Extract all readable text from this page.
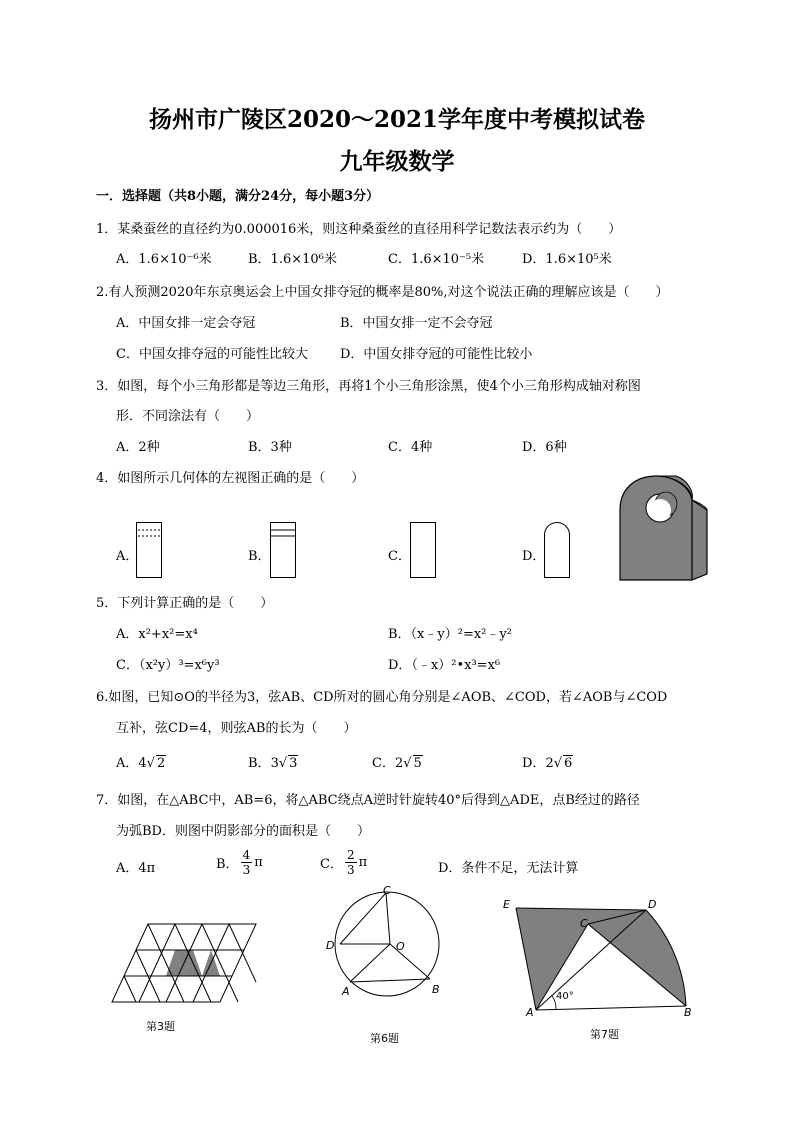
扬州市广陵区2020～2021学年度中考模拟试卷
九年级数学
一．选择题（共8小题，满分24分，每小题3分）
1．某桑蚕丝的直径约为0.000016米，则这种桑蚕丝的直径用科学记数法表示约为（　　）
A．1.6×10⁻⁶米	B．1.6×10⁶米	C．1.6×10⁻⁵米	D．1.6×10⁵米
2.有人预测2020年东京奥运会上中国女排夺冠的概率是80%,对这个说法正确的理解应该是（　　）
A．中国女排一定会夺冠	B．中国女排一定不会夺冠
C．中国女排夺冠的可能性比较大 D．中国女排夺冠的可能性比较小
3．如图，每个小三角形都是等边三角形，再将1个小三角形涂黑，使4个小三角形构成轴对称图
形．不同涂法有（　　）
A．2种	B．3种	C．4种	D．6种
4．如图所示几何体的左视图正确的是（　　）
A．	B．	C．	D．
5．下列计算正确的是（　　）
A．x²+x²=x⁴	B．（x﹣y）²=x²﹣y²
C．（x²y）³=x⁶y³	D．（﹣x）²•x³=x⁶
6.如图，已知⊙O的半径为3，弦AB、CD所对的圆心角分别是∠AOB、∠COD，若∠AOB与∠COD
互补，弦CD=4，则弦AB的长为（　　）
A．4√ 2	B．3√ 3	C．2√ 5	D．2√ 6
7．如图，在△ABC中，AB=6，将△ABC绕点A逆时针旋转40°后得到△ADE，点B经过的路径
为弧BD．则图中阴影部分的面积是（　　）
A．4π	B． $\frac{4}{3}$ π	C． $\frac{2}{3}$ π	D．条件不足，无法计算
第3题
C
D	O
A	B
第6题
E	D
C
A	B
40°
第7题
